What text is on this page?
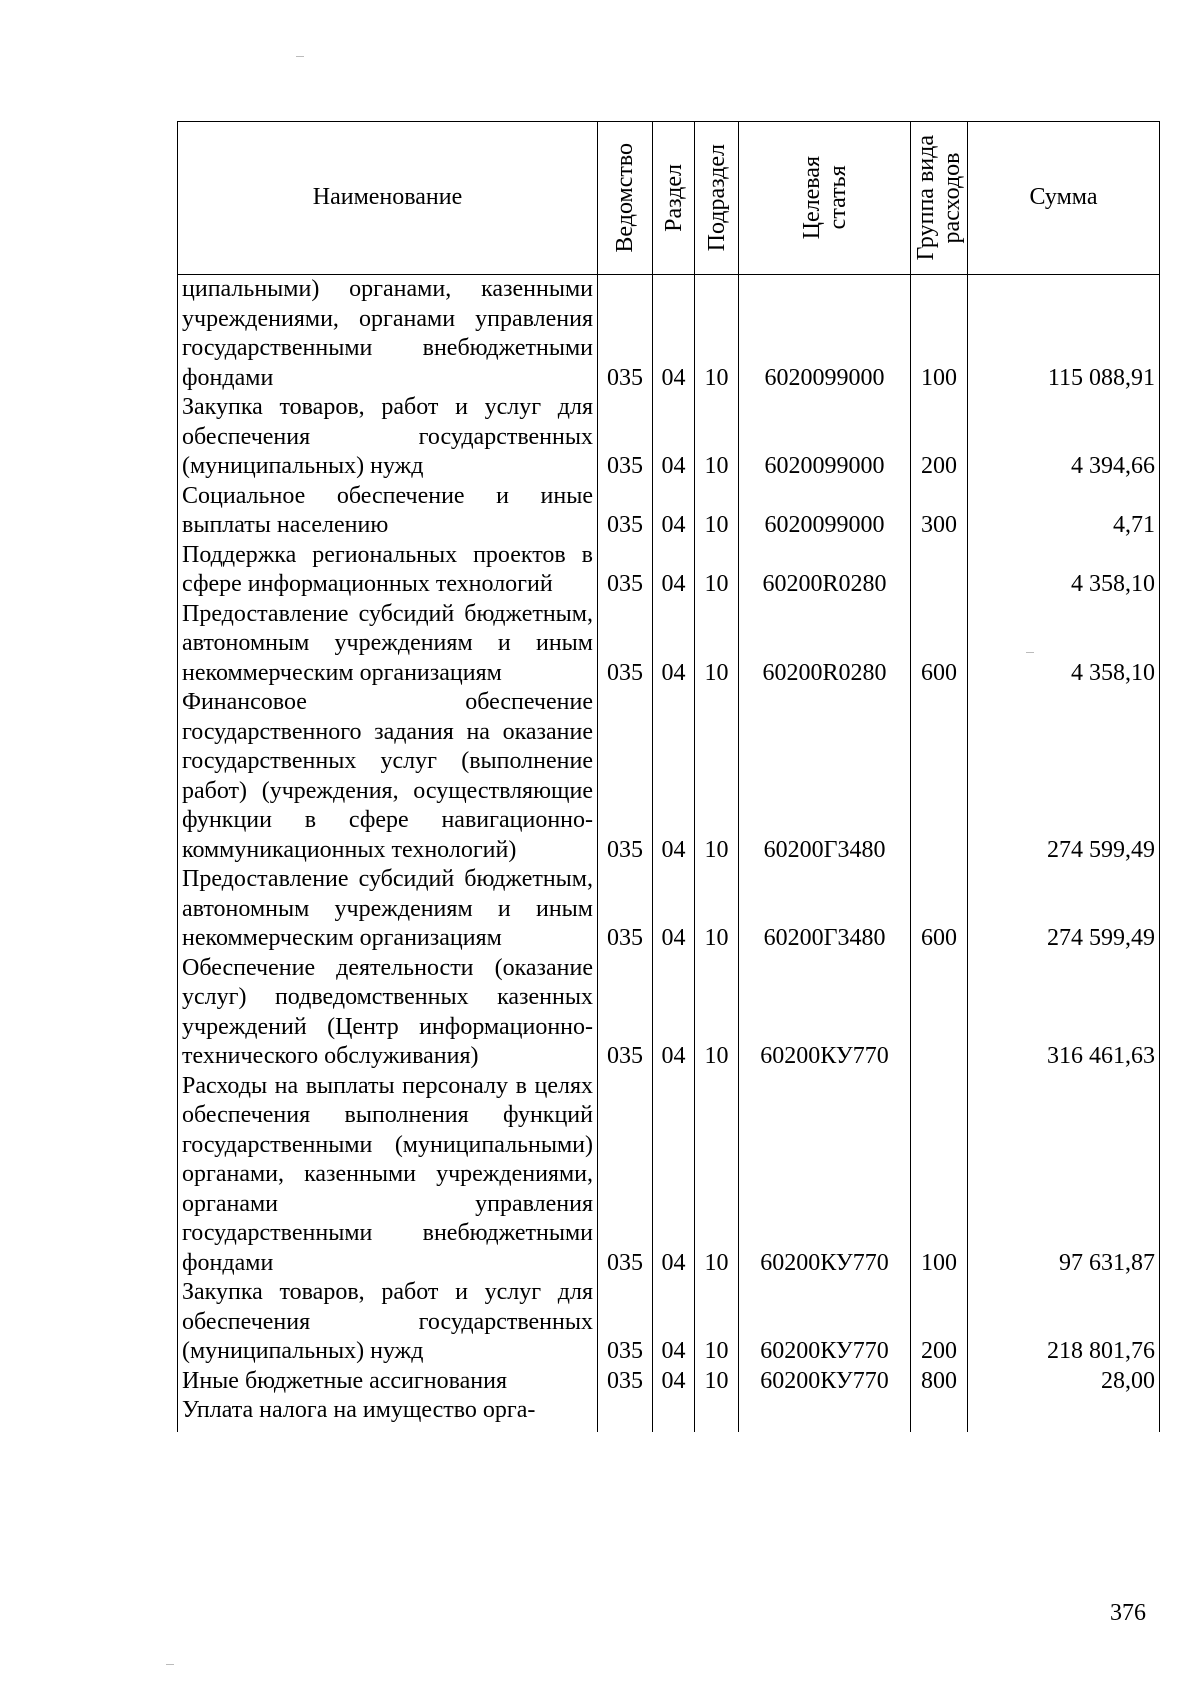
Наименование	Ведомство	Раздел	Подраздел	Целевая статья	Группа вида расходов	Сумма
ципальными) органами, казенными учреждениями, органами управления государственными внебюджетными фондами	035	04	10	6020099000	100	115 088,91
Закупка товаров, работ и услуг для обеспечения государственных (муниципальных) нужд	035	04	10	6020099000	200	4 394,66
Социальное обеспечение и иные выплаты населению	035	04	10	6020099000	300	4,71
Поддержка региональных проектов в сфере информационных технологий	035	04	10	60200R0280		4 358,10
Предоставление субсидий бюджетным, автономным учреждениям и иным некоммерческим организациям	035	04	10	60200R0280	600	4 358,10
Финансовое обеспечение государственного задания на оказание государственных услуг (выполнение работ) (учреждения, осуществляющие функции в сфере навигационно-коммуникационных технологий)	035	04	10	60200Г3480		274 599,49
Предоставление субсидий бюджетным, автономным учреждениям и иным некоммерческим организациям	035	04	10	60200Г3480	600	274 599,49
Обеспечение деятельности (оказание услуг) подведомственных казенных учреждений (Центр информационно-технического обслуживания)	035	04	10	60200КУ770		316 461,63
Расходы на выплаты персоналу в целях обеспечения выполнения функций государственными (муниципальными) органами, казенными учреждениями, органами управления государственными внебюджетными фондами	035	04	10	60200КУ770	100	97 631,87
Закупка товаров, работ и услуг для обеспечения государственных (муниципальных) нужд	035	04	10	60200КУ770	200	218 801,76
Иные бюджетные ассигнования	035	04	10	60200КУ770	800	28,00
Уплата налога на имущество орга-						
376
